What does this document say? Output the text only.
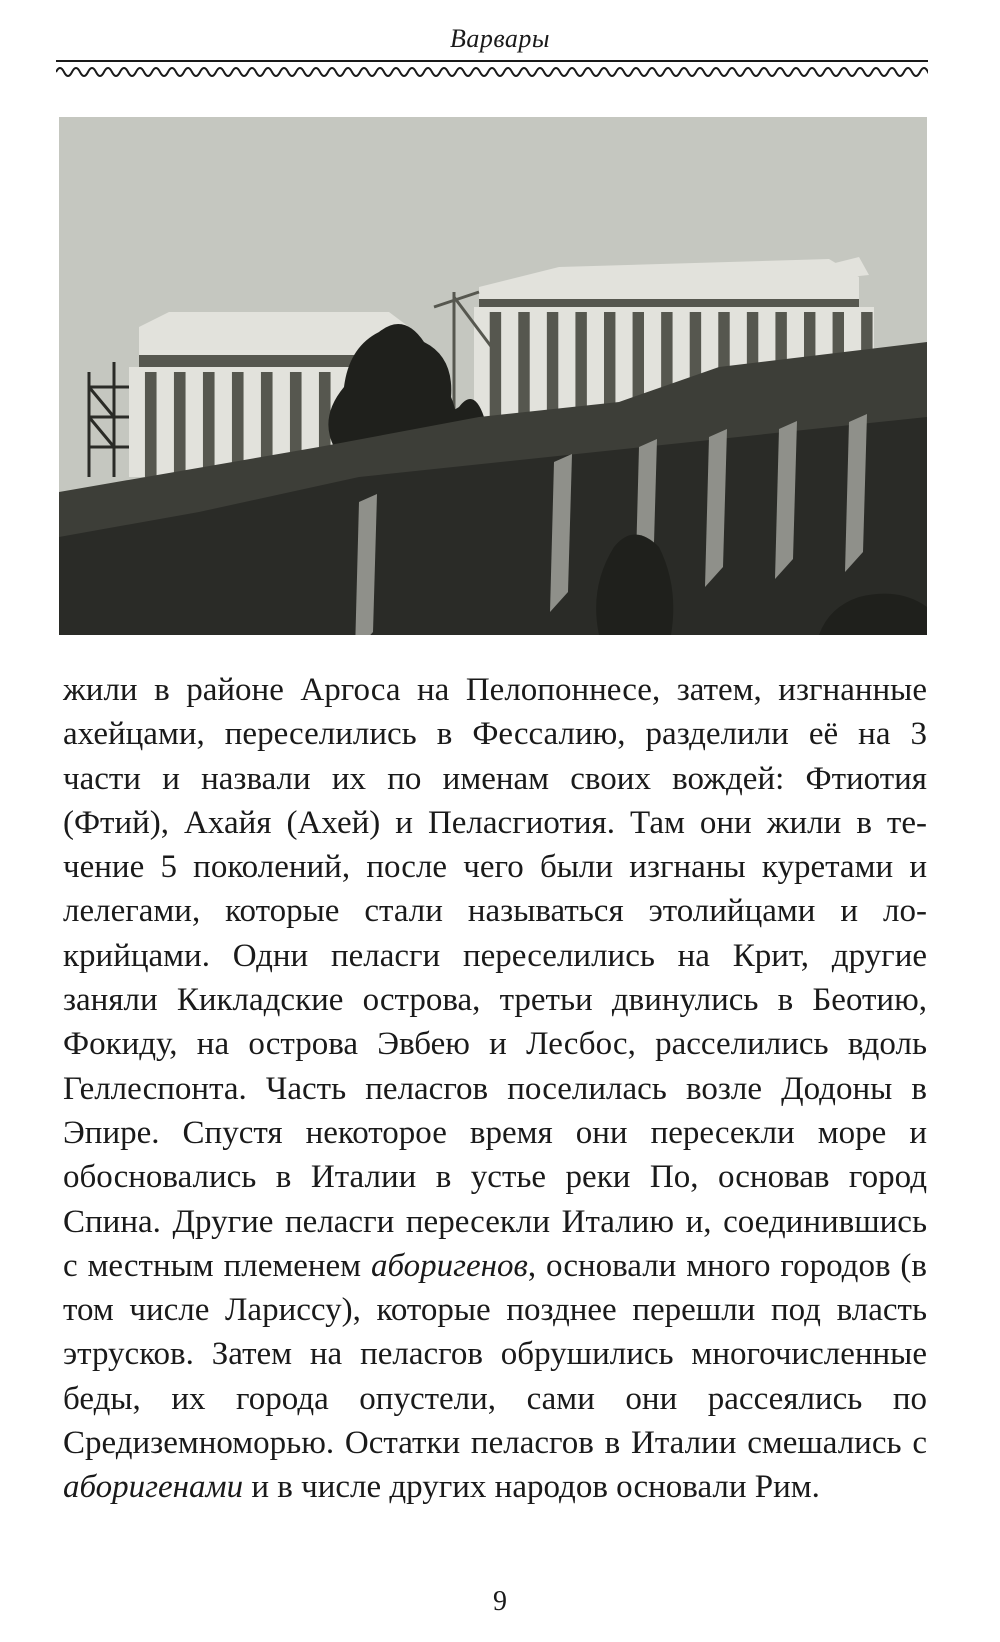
Варвары

жили в районе Аргоса на Пелопоннесе, затем, изгнанные ахейцами, переселились в Фессалию, разделили её на 3 части и назвали их по именам своих вождей: Фтиотия (Фтий), Ахайя (Ахей) и Пеласгиотия. Там они жили в течение 5 поколений, после чего были изгнаны куретами и лелегами, которые стали называться этолийцами и локрийцами. Одни пеласги переселились на Крит, другие заняли Кикладские острова, третьи двинулись в Беотию, Фокиду, на острова Эвбею и Лесбос, расселились вдоль Геллеспонта. Часть пеласгов поселилась возле Додоны в Эпире. Спустя некоторое время они пересекли море и обосновались в Италии в устье реки По, основав город Спина. Другие пеласги пересекли Италию и, соединившись с местным племенем аборигенов, основали много городов (в том числе Лариссу), которые позднее перешли под власть этрусков. Затем на пеласгов обрушились многочисленные беды, их города опустели, сами они рассеялись по Средиземноморью. Остатки пеласгов в Италии смешались с аборигенами и в числе других народов основали Рим.

9
